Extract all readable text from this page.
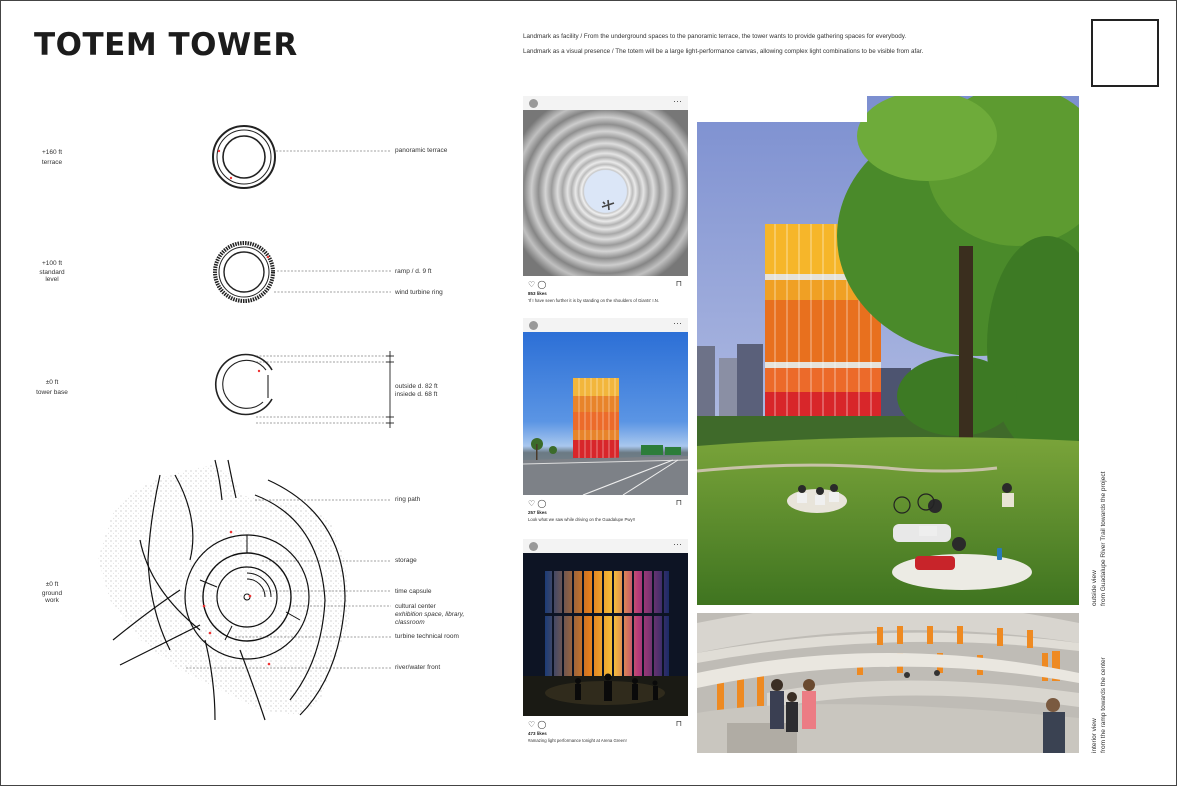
TOTEM TOWER	Landmark as facility / From the underground spaces to the panoramic terrace, the tower wants to provide gathering spaces for everybody.
Landmark as a visual presence / The totem will be a large light-performance canvas, allowing complex light combinations to be visible from afar.
+160 ft
terrace
+100 ft
standard level
±0 ft
tower base
±0 ft
ground work
panoramic terrace
ramp / d. 9 ft
wind turbine ring
outside d. 82 ft
insiede d. 68 ft
ring path
storage
time capsule
cultural center
exhibition space, library,
classroom
turbine technical room
river/water front
···
♡ ◯	⊓
853 likes
'If I have seen further it is by standing on the shoulders of Giants' I.N.
···
♡ ◯	⊓
257 likes
Look what we saw while driving on the Guadalupe Pwy!!
···
♡ ◯	⊓
473 likes
#amazing light performance tonight at Arena Green!
outside view from Guadalupe River Trail towards the project
interior view from the ramp towards the center
